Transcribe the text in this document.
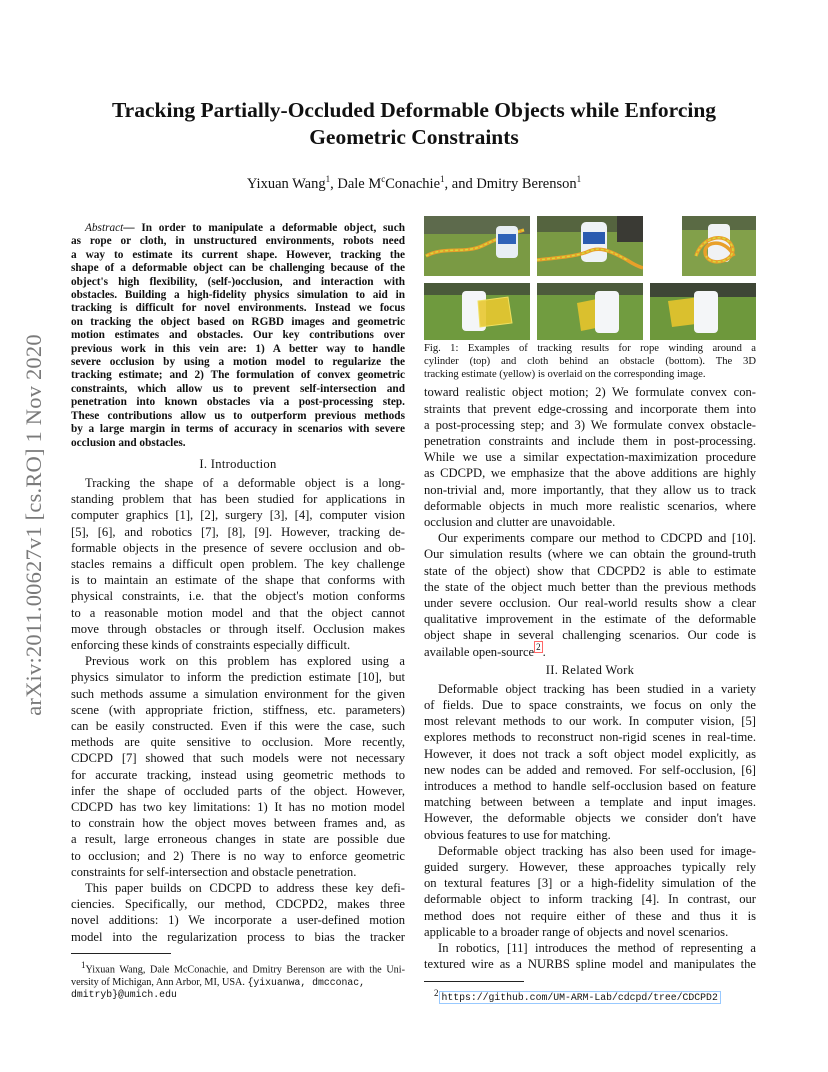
arXiv:2011.00627v1 [cs.RO] 1 Nov 2020
Tracking Partially-Occluded Deformable Objects while Enforcing
Geometric Constraints
Yixuan Wang$^1$, Dale $M^cConachie^1$, and Dmitry Berenson$^1$
Abstract— In order to manipulate a deformable object, such
as rope or cloth, in unstructured environments, robots need
a way to estimate its current shape. However, tracking the
shape of a deformable object can be challenging because of the
object's high flexibility, (self-)occlusion, and interaction with
obstacles. Building a high-fidelity physics simulation to aid in
tracking is difficult for novel environments. Instead we focus
on tracking the object based on RGBD images and geometric
motion estimates and obstacles. Our key contributions over
previous work in this vein are: 1) A better way to handle
severe occlusion by using a motion model to regularize the
tracking estimate; and 2) The formulation of convex geometric
constraints, which allow us to prevent self-intersection and
penetration into known obstacles via a post-processing step.
These contributions allow us to outperform previous methods
by a large margin in terms of accuracy in scenarios with severe
occlusion and obstacles.
I. Introduction
Tracking the shape of a deformable object is a long-
standing problem that has been studied for applications in
computer graphics [1], [2], surgery [3], [4], computer vision
[5], [6], and robotics [7], [8], [9]. However, tracking de-
formable objects in the presence of severe occlusion and ob-
stacles remains a difficult open problem. The key challenge
is to maintain an estimate of the shape that conforms with
physical constraints, i.e. that the object's motion conforms
to a reasonable motion model and that the object cannot
move through obstacles or through itself. Occlusion makes
enforcing these kinds of constraints especially difficult.
Previous work on this problem has explored using a
physics simulator to inform the prediction estimate [10], but
such methods assume a simulation environment for the given
scene (with appropriate friction, stiffness, etc. parameters)
can be easily constructed. Even if this were the case, such
methods are quite sensitive to occlusion. More recently,
CDCPD [7] showed that such models were not necessary
for accurate tracking, instead using geometric methods to
infer the shape of occluded parts of the object. However,
CDCPD has two key limitations: 1) It has no motion model
to constrain how the object moves between frames and, as
a result, large erroneous changes in state are possible due
to occlusion; and 2) There is no way to enforce geometric
constraints for self-intersection and obstacle penetration.
This paper builds on CDCPD to address these key defi-
ciencies. Specifically, our method, CDCPD2, makes three
novel additions: 1) We incorporate a user-defined motion
model into the regularization process to bias the tracker
$^1$Yixuan Wang, Dale McConachie, and Dmitry Berenson are with the Uni-
versity of Michigan, Ann Arbor, MI, USA. {yixuanwa, dmcconac,
dmitryb}@umich.edu
Fig. 1: Examples of tracking results for rope winding around a
cylinder (top) and cloth behind an obstacle (bottom). The 3D
tracking estimate (yellow) is overlaid on the corresponding image.
toward realistic object motion; 2) We formulate convex con-
straints that prevent edge-crossing and incorporate them into
a post-processing step; and 3) We formulate convex obstacle-
penetration constraints and include them in post-processing.
While we use a similar expectation-maximization procedure
as CDCPD, we emphasize that the above additions are highly
non-trivial and, more importantly, that they allow us to track
deformable objects in much more realistic scenarios, where
occlusion and clutter are unavoidable.
Our experiments compare our method to CDCPD and [10].
Our simulation results (where we can obtain the ground-truth
state of the object) show that CDCPD2 is able to estimate
the state of the object much better than the previous methods
under severe occlusion. Our real-world results show a clear
qualitative improvement in the estimate of the deformable
object shape in several challenging scenarios. Our code is
available open-source $^2$ .
II. Related Work
Deformable object tracking has been studied in a variety
of fields. Due to space constraints, we focus on only the
most relevant methods to our work. In computer vision, [5]
explores methods to reconstruct non-rigid scenes in real-time.
However, it does not track a soft object model explicitly, as
new nodes can be added and removed. For self-occlusion, [6]
introduces a method to handle self-occlusion based on feature
matching between between a template and input images.
However, the deformable objects we consider don't have
obvious features to use for matching.
Deformable object tracking has also been used for image-
guided surgery. However, these approaches typically rely
on textural features [3] or a high-fidelity simulation of the
deformable object to inform tracking [4]. In contrast, our
method does not require either of these and thus it is
applicable to a broader range of objects and novel scenarios.
In robotics, [11] introduces the method of representing a
textured wire as a NURBS spline model and manipulates the
$^2$ https://github.com/UM-ARM-Lab/cdcpd/tree/CDCPD2
